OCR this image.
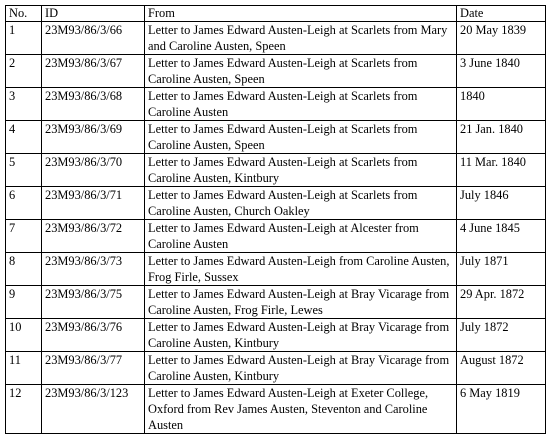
No.	ID	From	Date
1	23M93/86/3/66	Letter to James Edward Austen-Leigh at Scarlets from Mary and Caroline Austen, Speen	20 May 1839
2	23M93/86/3/67	Letter to James Edward Austen-Leigh at Scarlets from Caroline Austen, Speen	3 June 1840
3	23M93/86/3/68	Letter to James Edward Austen-Leigh at Scarlets from Caroline Austen	1840
4	23M93/86/3/69	Letter to James Edward Austen-Leigh at Scarlets from Caroline Austen, Speen	21 Jan. 1840
5	23M93/86/3/70	Letter to James Edward Austen-Leigh at Scarlets from Caroline Austen, Kintbury	11 Mar. 1840
6	23M93/86/3/71	Letter to James Edward Austen-Leigh at Scarlets from Caroline Austen, Church Oakley	July 1846
7	23M93/86/3/72	Letter to James Edward Austen-Leigh at Alcester from Caroline Austen	4 June 1845
8	23M93/86/3/73	Letter to James Edward Austen-Leigh from Caroline Austen, Frog Firle, Sussex	July 1871
9	23M93/86/3/75	Letter to James Edward Austen-Leigh at Bray Vicarage from Caroline Austen, Frog Firle, Lewes	29 Apr. 1872
10	23M93/86/3/76	Letter to James Edward Austen-Leigh at Bray Vicarage from Caroline Austen, Kintbury	July 1872
11	23M93/86/3/77	Letter to James Edward Austen-Leigh at Bray Vicarage from Caroline Austen, Kintbury	August 1872
12	23M93/86/3/123	Letter to James Edward Austen-Leigh at Exeter College, Oxford from Rev James Austen, Steventon and Caroline Austen	6 May 1819
